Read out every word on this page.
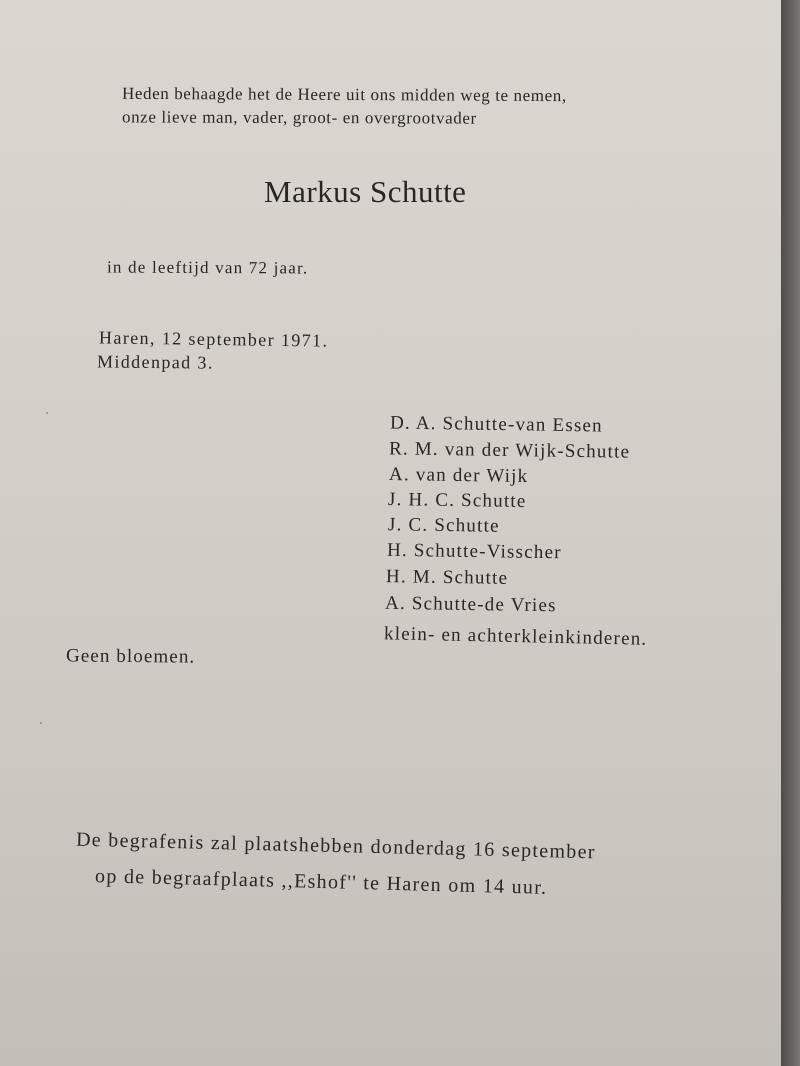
Heden behaagde het de Heere uit ons midden weg te nemen,

onze lieve man, vader, groot- en overgrootvader

Markus Schutte

in de leeftijd van 72 jaar.

Haren, 12 september 1971.

Middenpad 3.

D. A. Schutte-van Essen

R. M. van der Wijk-Schutte

A. van der Wijk

J. H. C. Schutte

J. C. Schutte

H. Schutte-Visscher

H. M. Schutte

A. Schutte-de Vries

klein- en achterkleinkinderen.

Geen bloemen.

De begrafenis zal plaatshebben donderdag 16 september

op de begraafplaats ,,Eshof'' te Haren om 14 uur.
